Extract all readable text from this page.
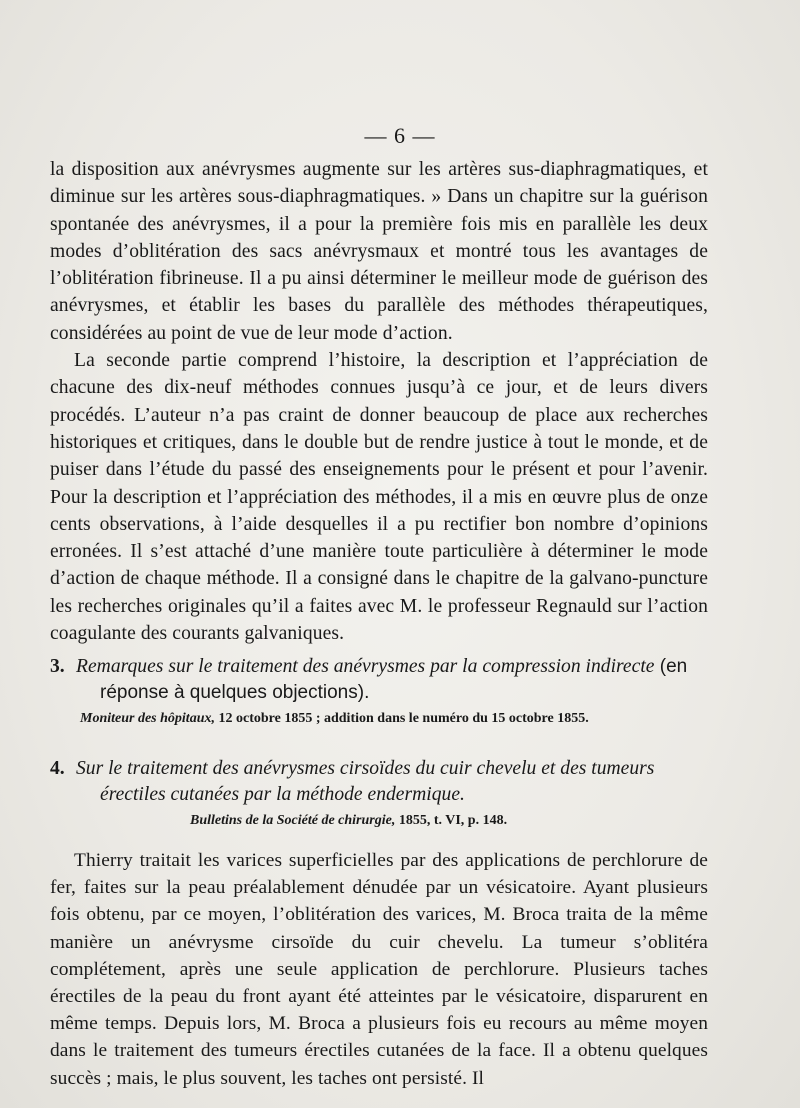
— 6 —

la disposition aux anévrysmes augmente sur les artères sus-diaphragmatiques, et diminue sur les artères sous-diaphragmatiques. » Dans un chapitre sur la guérison spontanée des anévrysmes, il a pour la première fois mis en parallèle les deux modes d’oblitération des sacs anévrysmaux et montré tous les avantages de l’oblitération fibrineuse. Il a pu ainsi déterminer le meilleur mode de guérison des anévrysmes, et établir les bases du parallèle des méthodes thérapeutiques, considérées au point de vue de leur mode d’action.

La seconde partie comprend l’histoire, la description et l’appréciation de chacune des dix-neuf méthodes connues jusqu’à ce jour, et de leurs divers procédés. L’auteur n’a pas craint de donner beaucoup de place aux recherches historiques et critiques, dans le double but de rendre justice à tout le monde, et de puiser dans l’étude du passé des enseignements pour le présent et pour l’avenir. Pour la description et l’appréciation des méthodes, il a mis en œuvre plus de onze cents observations, à l’aide desquelles il a pu rectifier bon nombre d’opinions erronées. Il s’est attaché d’une manière toute particulière à déterminer le mode d’action de chaque méthode. Il a consigné dans le chapitre de la galvano-puncture les recherches originales qu’il a faites avec M. le professeur Regnauld sur l’action coagulante des courants galvaniques.

3. Remarques sur le traitement des anévrysmes par la compression indirecte (en réponse à quelques objections).

Moniteur des hôpitaux, 12 octobre 1855 ; addition dans le numéro du 15 octobre 1855.

4. Sur le traitement des anévrysmes cirsoïdes du cuir chevelu et des tumeurs érectiles cutanées par la méthode endermique.

Bulletins de la Société de chirurgie, 1855, t. VI, p. 148.

Thierry traitait les varices superficielles par des applications de perchlorure de fer, faites sur la peau préalablement dénudée par un vésicatoire. Ayant plusieurs fois obtenu, par ce moyen, l’oblitération des varices, M. Broca traita de la même manière un anévrysme cirsoïde du cuir chevelu. La tumeur s’oblitéra complétement, après une seule application de perchlorure. Plusieurs taches érectiles de la peau du front ayant été atteintes par le vésicatoire, disparurent en même temps. Depuis lors, M. Broca a plusieurs fois eu recours au même moyen dans le traitement des tumeurs érectiles cutanées de la face. Il a obtenu quelques succès ; mais, le plus souvent, les taches ont persisté. Il
